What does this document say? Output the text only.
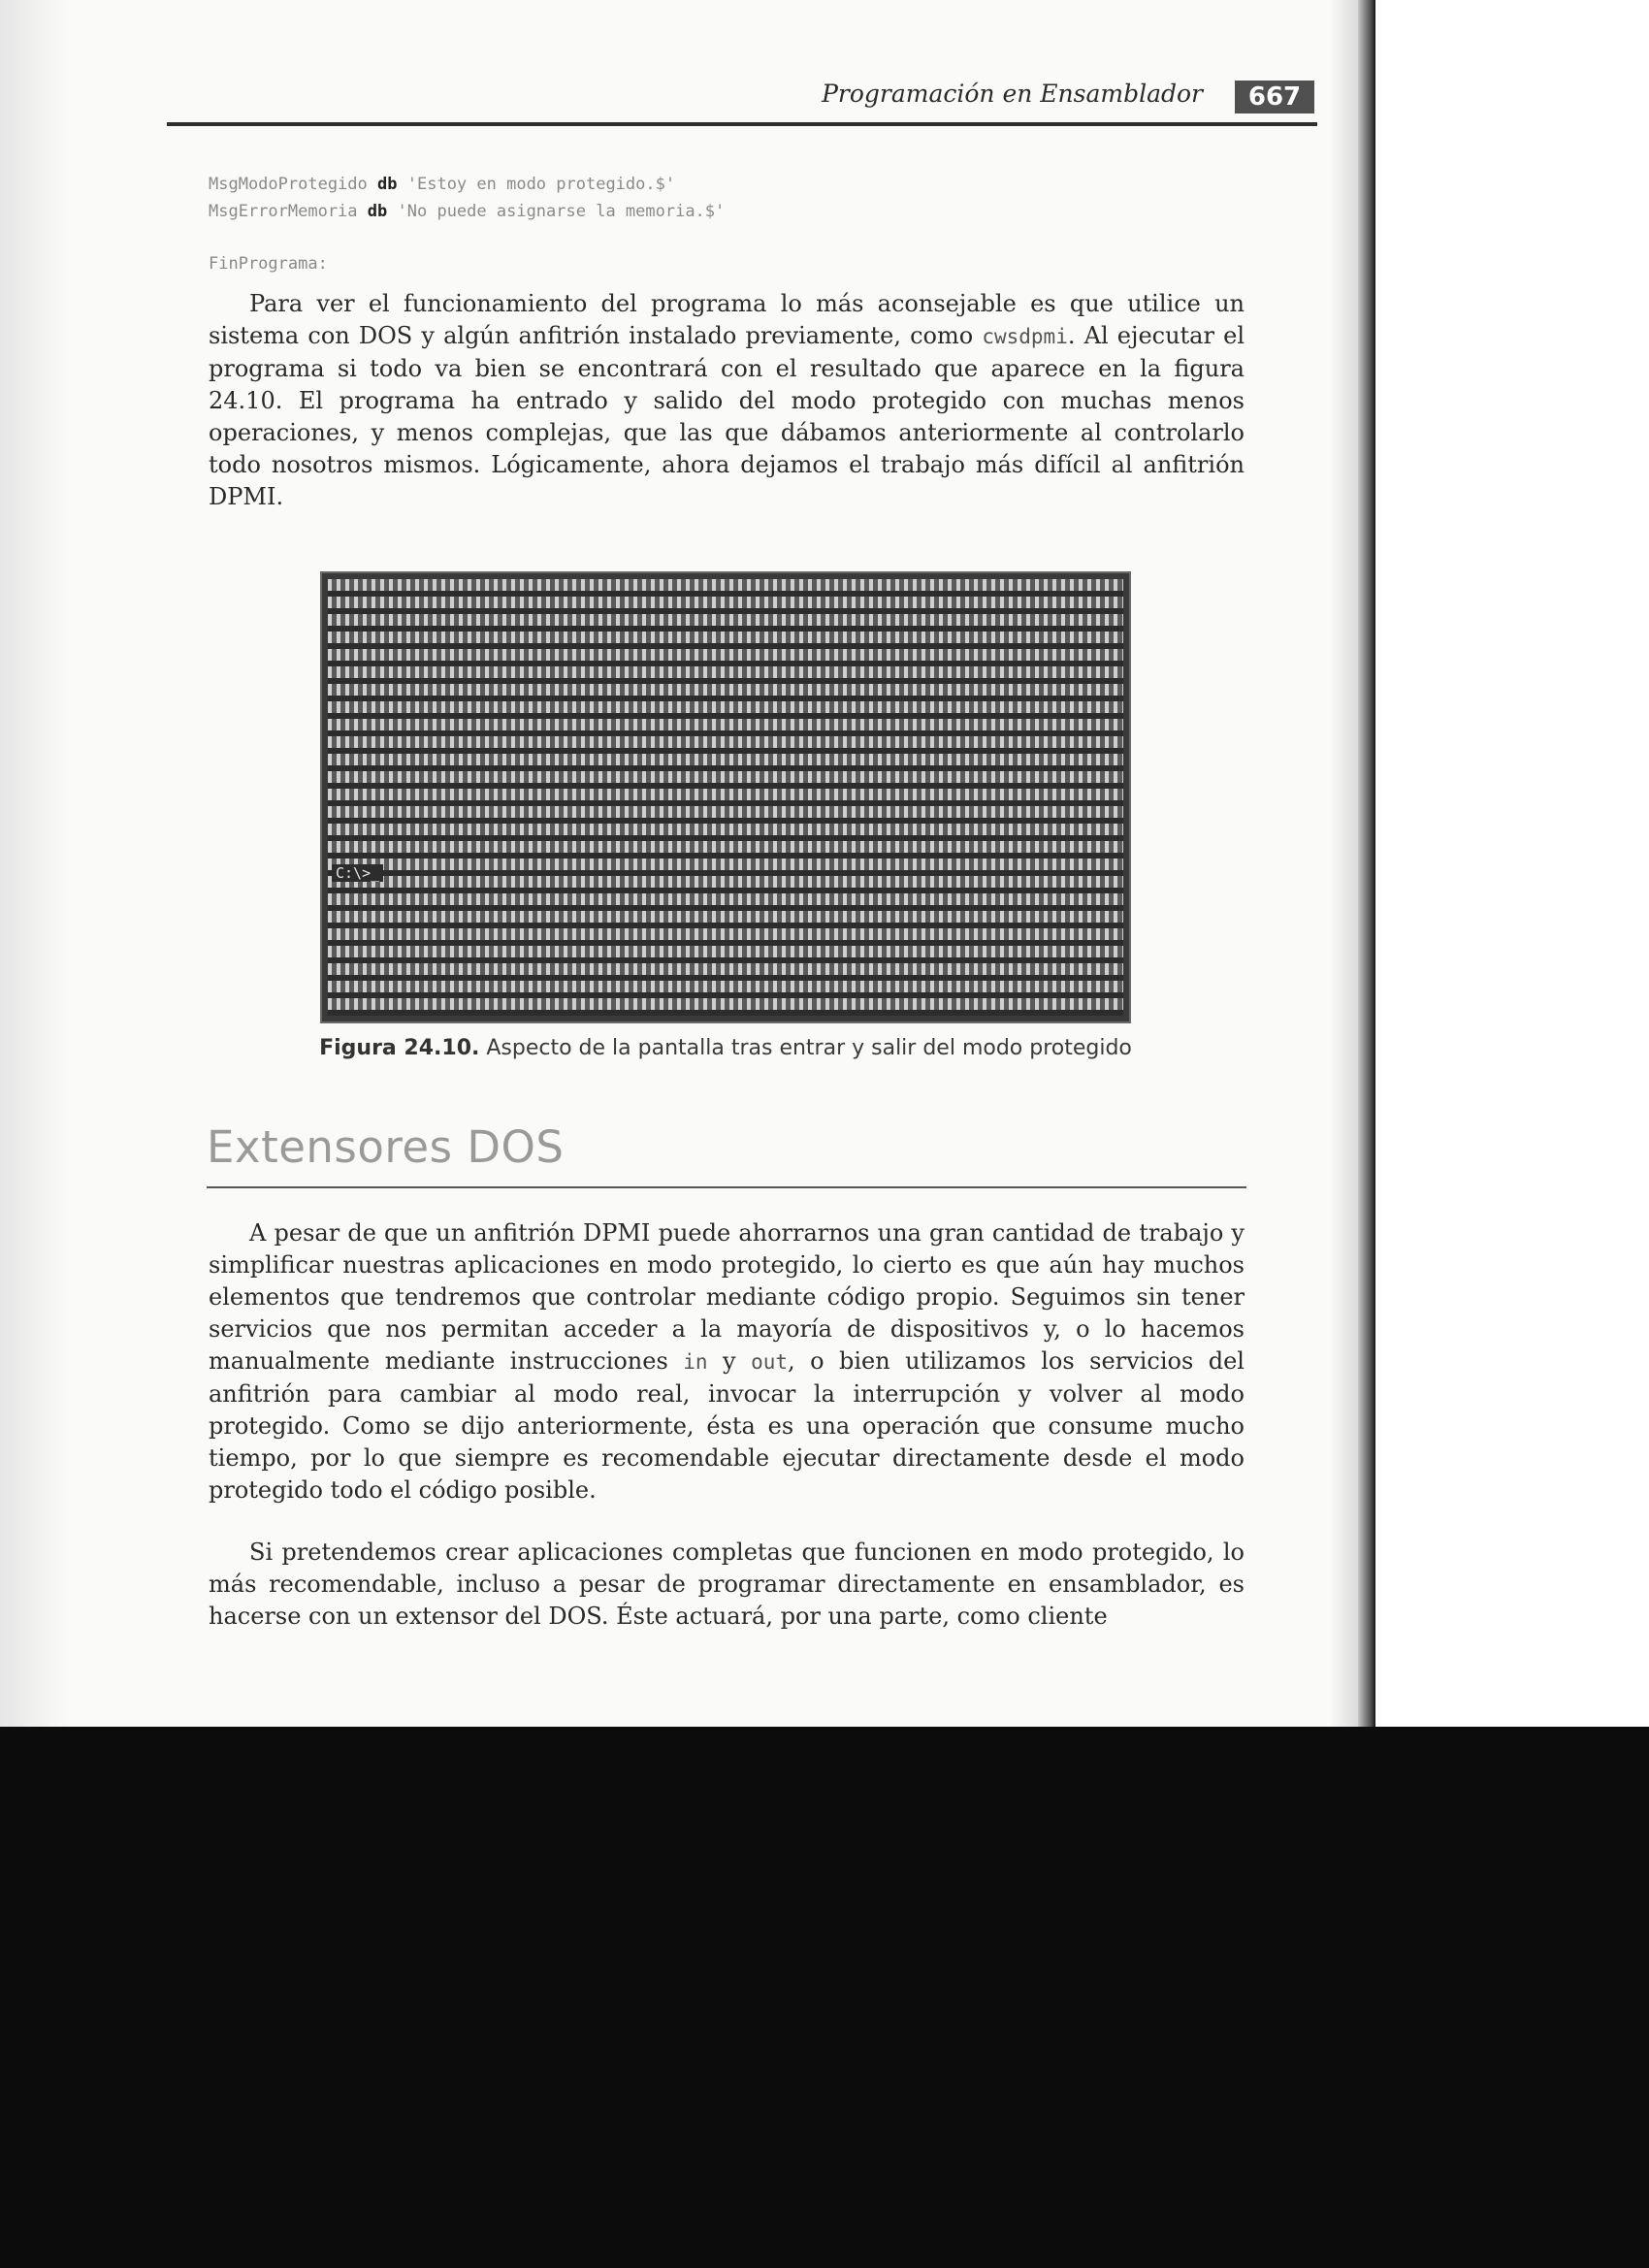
Programación en Ensamblador	667
MsgModoProtegido db 'Estoy en modo protegido.$'
MsgErrorMemoria db 'No puede asignarse la memoria.$'
FinPrograma:

Para ver el funcionamiento del programa lo más aconsejable es que utilice un sistema con DOS y algún anfitrión instalado previamente, como cwsdpmi. Al ejecutar el programa si todo va bien se encontrará con el resultado que aparece en la figura 24.10. El programa ha entrado y salido del modo protegido con muchas menos operaciones, y menos complejas, que las que dábamos anteriormente al controlarlo todo nosotros mismos. Lógicamente, ahora dejamos el trabajo más difícil al anfitrión DPMI.

C:\>_
Figura 24.10. Aspecto de la pantalla tras entrar y salir del modo protegido
Extensores DOS

A pesar de que un anfitrión DPMI puede ahorrarnos una gran cantidad de trabajo y simplificar nuestras aplicaciones en modo protegido, lo cierto es que aún hay muchos elementos que tendremos que controlar mediante código propio. Seguimos sin tener servicios que nos permitan acceder a la mayoría de dispositivos y, o lo hacemos manualmente mediante instrucciones in y out, o bien utilizamos los servicios del anfitrión para cambiar al modo real, invocar la interrupción y volver al modo protegido. Como se dijo anteriormente, ésta es una operación que consume mucho tiempo, por lo que siempre es recomendable ejecutar directamente desde el modo protegido todo el código posible.

Si pretendemos crear aplicaciones completas que funcionen en modo protegido, lo más recomendable, incluso a pesar de programar directamente en ensamblador, es hacerse con un extensor del DOS. Éste actuará, por una parte, como cliente
